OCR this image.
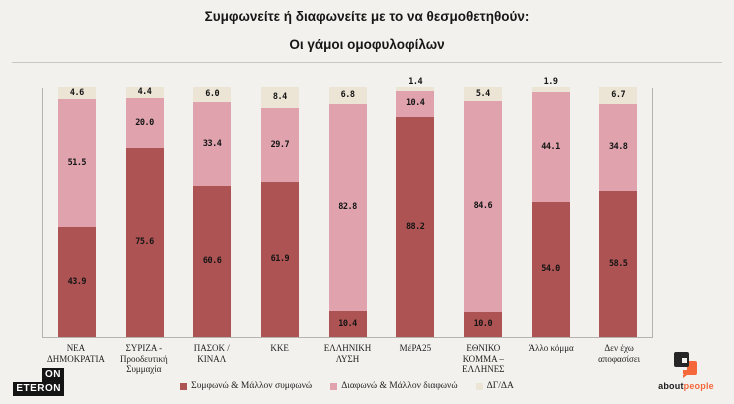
Συμφωνείτε ή διαφωνείτε με το να θεσμοθετηθούν:
Οι γάμοι ομοφυλοφίλων
43.9
51.5
4.6
75.6
20.0
4.4
60.6
33.4
6.0
61.9
29.7
8.4
10.4
82.8
6.8
88.2
10.4
1.4
10.0
84.6
5.4
54.0
44.1
1.9
58.5
34.8
6.7
ΝΕΑ ΔΗΜΟΚΡΑΤΙΑ
ΣΥΡΙΖΑ - Προοδευτική Συμμαχία
ΠΑΣΟΚ / ΚΙΝΑΛ
ΚΚΕ	ΕΛΛΗΝΙΚΗ ΛΥΣΗ
ΜέΡΑ25	ΕΘΝΙΚΟ ΚΟΜΜΑ – ΕΛΛΗΝΕΣ
Άλλο κόμμα	Δεν έχω αποφασίσει
Συμφωνώ & Μάλλον συμφωνώ	Διαφωνώ & Μάλλον διαφωνώ	ΔΓ/ΔΑ
ON
ETERON	aboutpeople
